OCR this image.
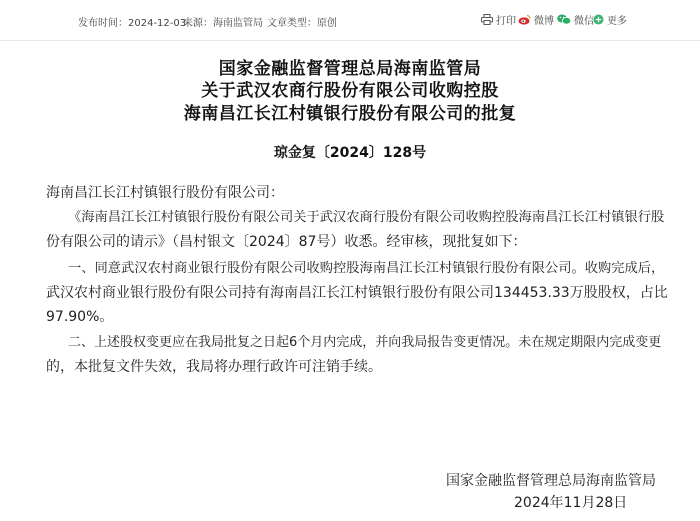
发布时间：2024-12-03
来源：海南监管局 文章类型：原创	打印 微博 微信 更多
国家金融监督管理总局海南监管局
关于武汉农商行股份有限公司收购控股
海南昌江长江村镇银行股份有限公司的批复
琼金复〔2024〕128号
海南昌江长江村镇银行股份有限公司：
《海南昌江长江村镇银行股份有限公司关于武汉农商行股份有限公司收购控股海南昌江长江村镇银行股
份有限公司的请示》（昌村银文〔2024〕87号）收悉。经审核，现批复如下：
一、同意武汉农村商业银行股份有限公司收购控股海南昌江长江村镇银行股份有限公司。收购完成后，
武汉农村商业银行股份有限公司持有海南昌江长江村镇银行股份有限公司134453.33万股股权，占比
97.90%。
二、上述股权变更应在我局批复之日起6个月内完成，并向我局报告变更情况。未在规定期限内完成变更
的，本批复文件失效，我局将办理行政许可注销手续。
国家金融监督管理总局海南监管局
2024年11月28日
